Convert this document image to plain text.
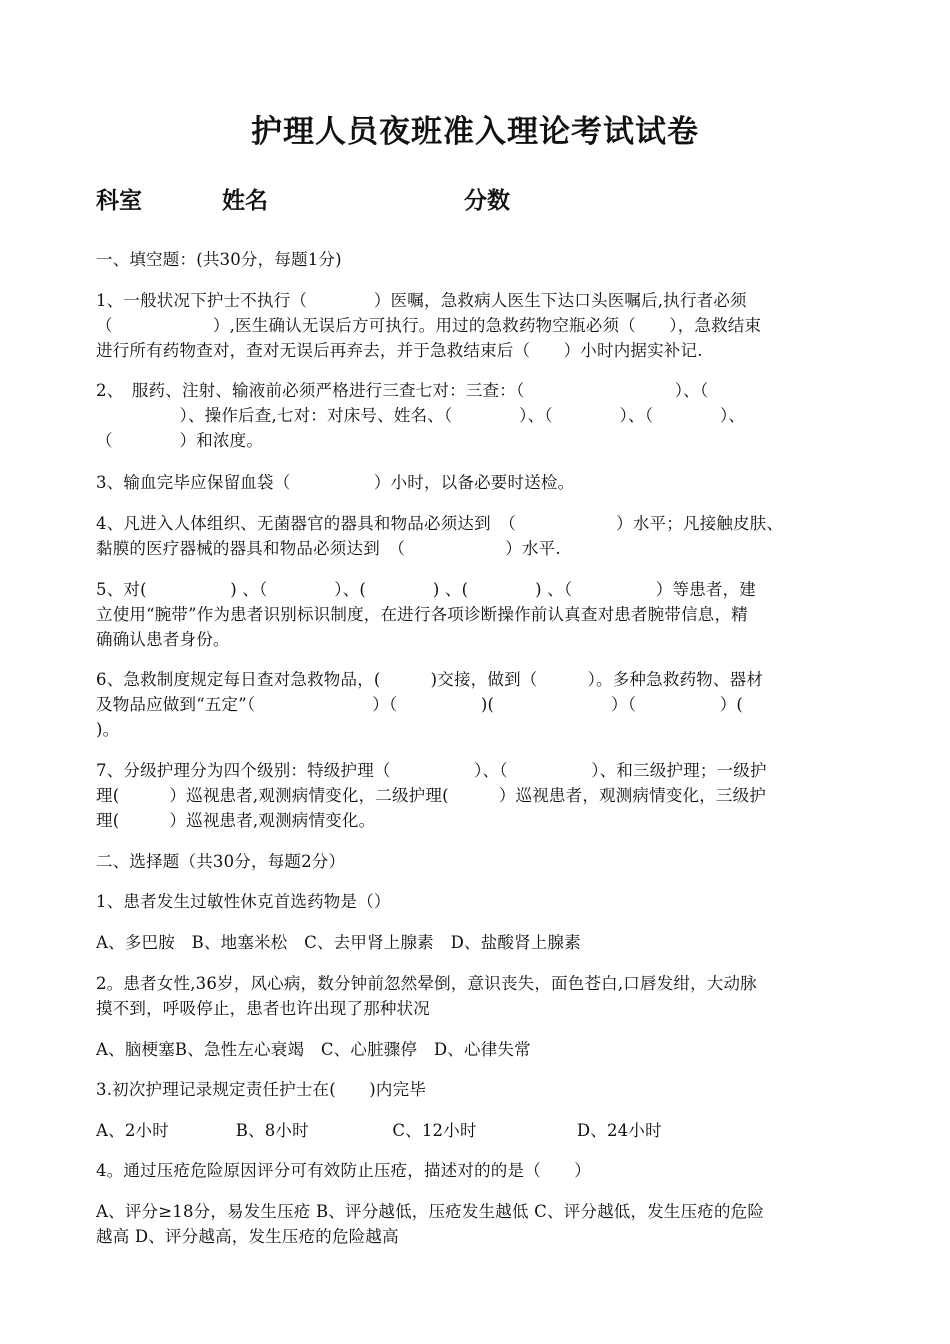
护理人员夜班准入理论考试试卷
科室	姓名	分数
一、填空题：(共30分，每题1分)
1、一般状况下护士不执行（　　　　）医嘱，急救病人医生下达口头医嘱后,执行者必须
（　　　　　　）,医生确认无误后方可执行。用过的急救药物空瓶必须（　　），急救结束
进行所有药物查对，查对无误后再弃去，并于急救结束后（　　）小时内据实补记.
2、　服药、注射、输液前必须严格进行三查七对：三查：（　　　　　　　　　）、（
　　　　　）、操作后查,七对：对床号、姓名、（　　　　）、（　　　　）、（　　　　）、
（　　　　）和浓度。
3、输血完毕应保留血袋（　　　　　）小时，以备必要时送检。
4、凡进入人体组织、无菌器官的器具和物品必须达到　（　　　　　　）水平；凡接触皮肤、
黏膜的医疗器械的器具和物品必须达到　（　　　　　　）水平.
5、对(　　　　　) 、（　　　　）、(　　　　) 、(　　　　) 、（　　　　　）等患者，建
立使用“腕带”作为患者识别标识制度，在进行各项诊断操作前认真查对患者腕带信息，精
确确认患者身份。
6、急救制度规定每日查对急救物品，(　　　)交接，做到（　　　）。多种急救药物、器材
及物品应做到“五定”（　　　　　　　）（　　　　　)(　　　　　　　）（　　　　　）(
)。
7、分级护理分为四个级别：特级护理（　　　　　）、（　　　　　）、和三级护理；一级护
理(　　　）巡视患者,观测病情变化，二级护理(　　　）巡视患者，观测病情变化，三级护
理(　　　）巡视患者,观测病情变化。
二、选择题（共30分，每题2分）
1、患者发生过敏性休克首选药物是（）
A、多巴胺　B、地塞米松　C、去甲肾上腺素　D、盐酸肾上腺素
2。患者女性,36岁，风心病，数分钟前忽然晕倒，意识丧失，面色苍白,口唇发绀，大动脉
摸不到，呼吸停止，患者也许出现了那种状况
A、脑梗塞B、急性左心衰竭　C、心脏骤停　D、心律失常
3.初次护理记录规定责任护士在(　　)内完毕
A、2小时　　　　B、8小时　　　　　C、12小时　　　　　　D、24小时
4。通过压疮危险原因评分可有效防止压疮，描述对的的是（　　）
A、评分≥18分，易发生压疮 B、评分越低，压疮发生越低 C、评分越低，发生压疮的危险
越高 D、评分越高，发生压疮的危险越高
